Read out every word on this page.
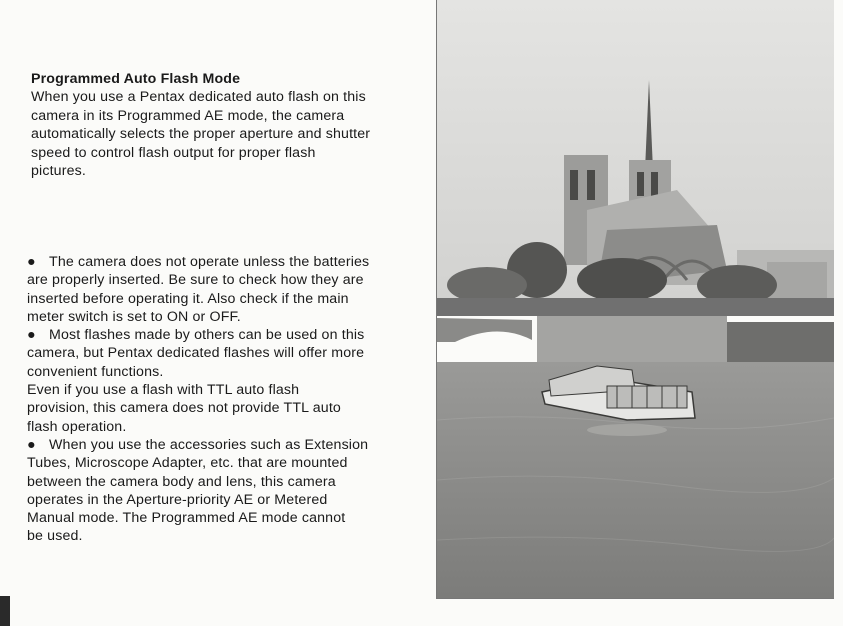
Programmed Auto Flash Mode

When you use a Pentax dedicated auto flash on this

camera in its Programmed AE mode, the camera

automatically selects the proper aperture and shutter

speed to control flash output for proper flash

pictures.

● The camera does not operate unless the batteries

are properly inserted. Be sure to check how they are

inserted before operating it. Also check if the main

meter switch is set to ON or OFF.

● Most flashes made by others can be used on this

camera, but Pentax dedicated flashes will offer more

convenient functions.

Even if you use a flash with TTL auto flash

provision, this camera does not provide TTL auto

flash operation.

● When you use the accessories such as Extension

Tubes, Microscope Adapter, etc. that are mounted

between the camera body and lens, this camera

operates in the Aperture-priority AE or Metered

Manual mode. The Programmed AE mode cannot

be used.
